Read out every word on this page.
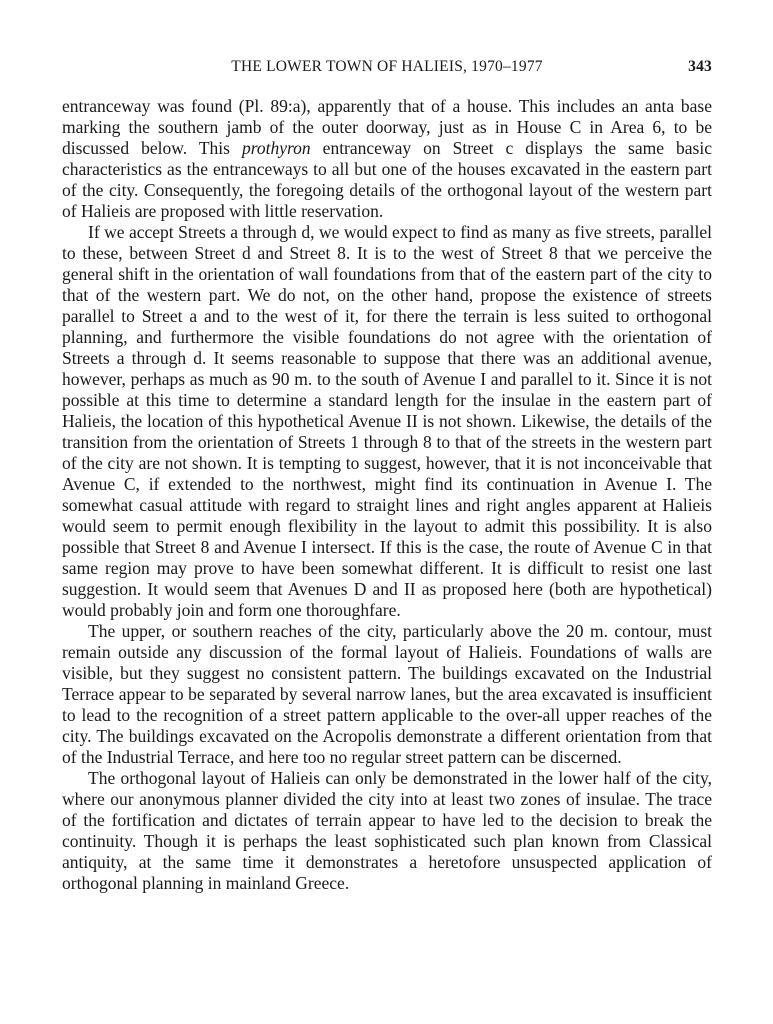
THE LOWER TOWN OF HALIEIS, 1970–1977	343

entranceway was found (Pl. 89:a), apparently that of a house. This includes an anta base marking the southern jamb of the outer doorway, just as in House C in Area 6, to be discussed below. This prothyron entranceway on Street c displays the same basic characteristics as the entranceways to all but one of the houses excavated in the eastern part of the city. Consequently, the foregoing details of the orthogonal layout of the western part of Halieis are proposed with little reservation.

If we accept Streets a through d, we would expect to find as many as five streets, parallel to these, between Street d and Street 8. It is to the west of Street 8 that we perceive the general shift in the orientation of wall foundations from that of the eastern part of the city to that of the western part. We do not, on the other hand, propose the existence of streets parallel to Street a and to the west of it, for there the terrain is less suited to orthogonal planning, and furthermore the visible foundations do not agree with the orientation of Streets a through d. It seems reasonable to suppose that there was an additional avenue, however, perhaps as much as 90 m. to the south of Avenue I and parallel to it. Since it is not possible at this time to determine a standard length for the insulae in the eastern part of Halieis, the location of this hypothetical Avenue II is not shown. Likewise, the details of the transition from the orientation of Streets 1 through 8 to that of the streets in the western part of the city are not shown. It is tempting to suggest, however, that it is not inconceivable that Avenue C, if extended to the northwest, might find its continuation in Avenue I. The somewhat casual attitude with regard to straight lines and right angles apparent at Halieis would seem to permit enough flexibility in the layout to admit this possibility. It is also possible that Street 8 and Avenue I intersect. If this is the case, the route of Avenue C in that same region may prove to have been somewhat different. It is difficult to resist one last suggestion. It would seem that Avenues D and II as proposed here (both are hypothetical) would probably join and form one thoroughfare.

The upper, or southern reaches of the city, particularly above the 20 m. contour, must remain outside any discussion of the formal layout of Halieis. Foundations of walls are visible, but they suggest no consistent pattern. The buildings excavated on the Industrial Terrace appear to be separated by several narrow lanes, but the area excavated is insufficient to lead to the recognition of a street pattern applicable to the over-all upper reaches of the city. The buildings excavated on the Acropolis demonstrate a different orientation from that of the Industrial Terrace, and here too no regular street pattern can be discerned.

The orthogonal layout of Halieis can only be demonstrated in the lower half of the city, where our anonymous planner divided the city into at least two zones of insulae. The trace of the fortification and dictates of terrain appear to have led to the decision to break the continuity. Though it is perhaps the least sophisticated such plan known from Classical antiquity, at the same time it demonstrates a heretofore unsuspected application of orthogonal planning in mainland Greece.
